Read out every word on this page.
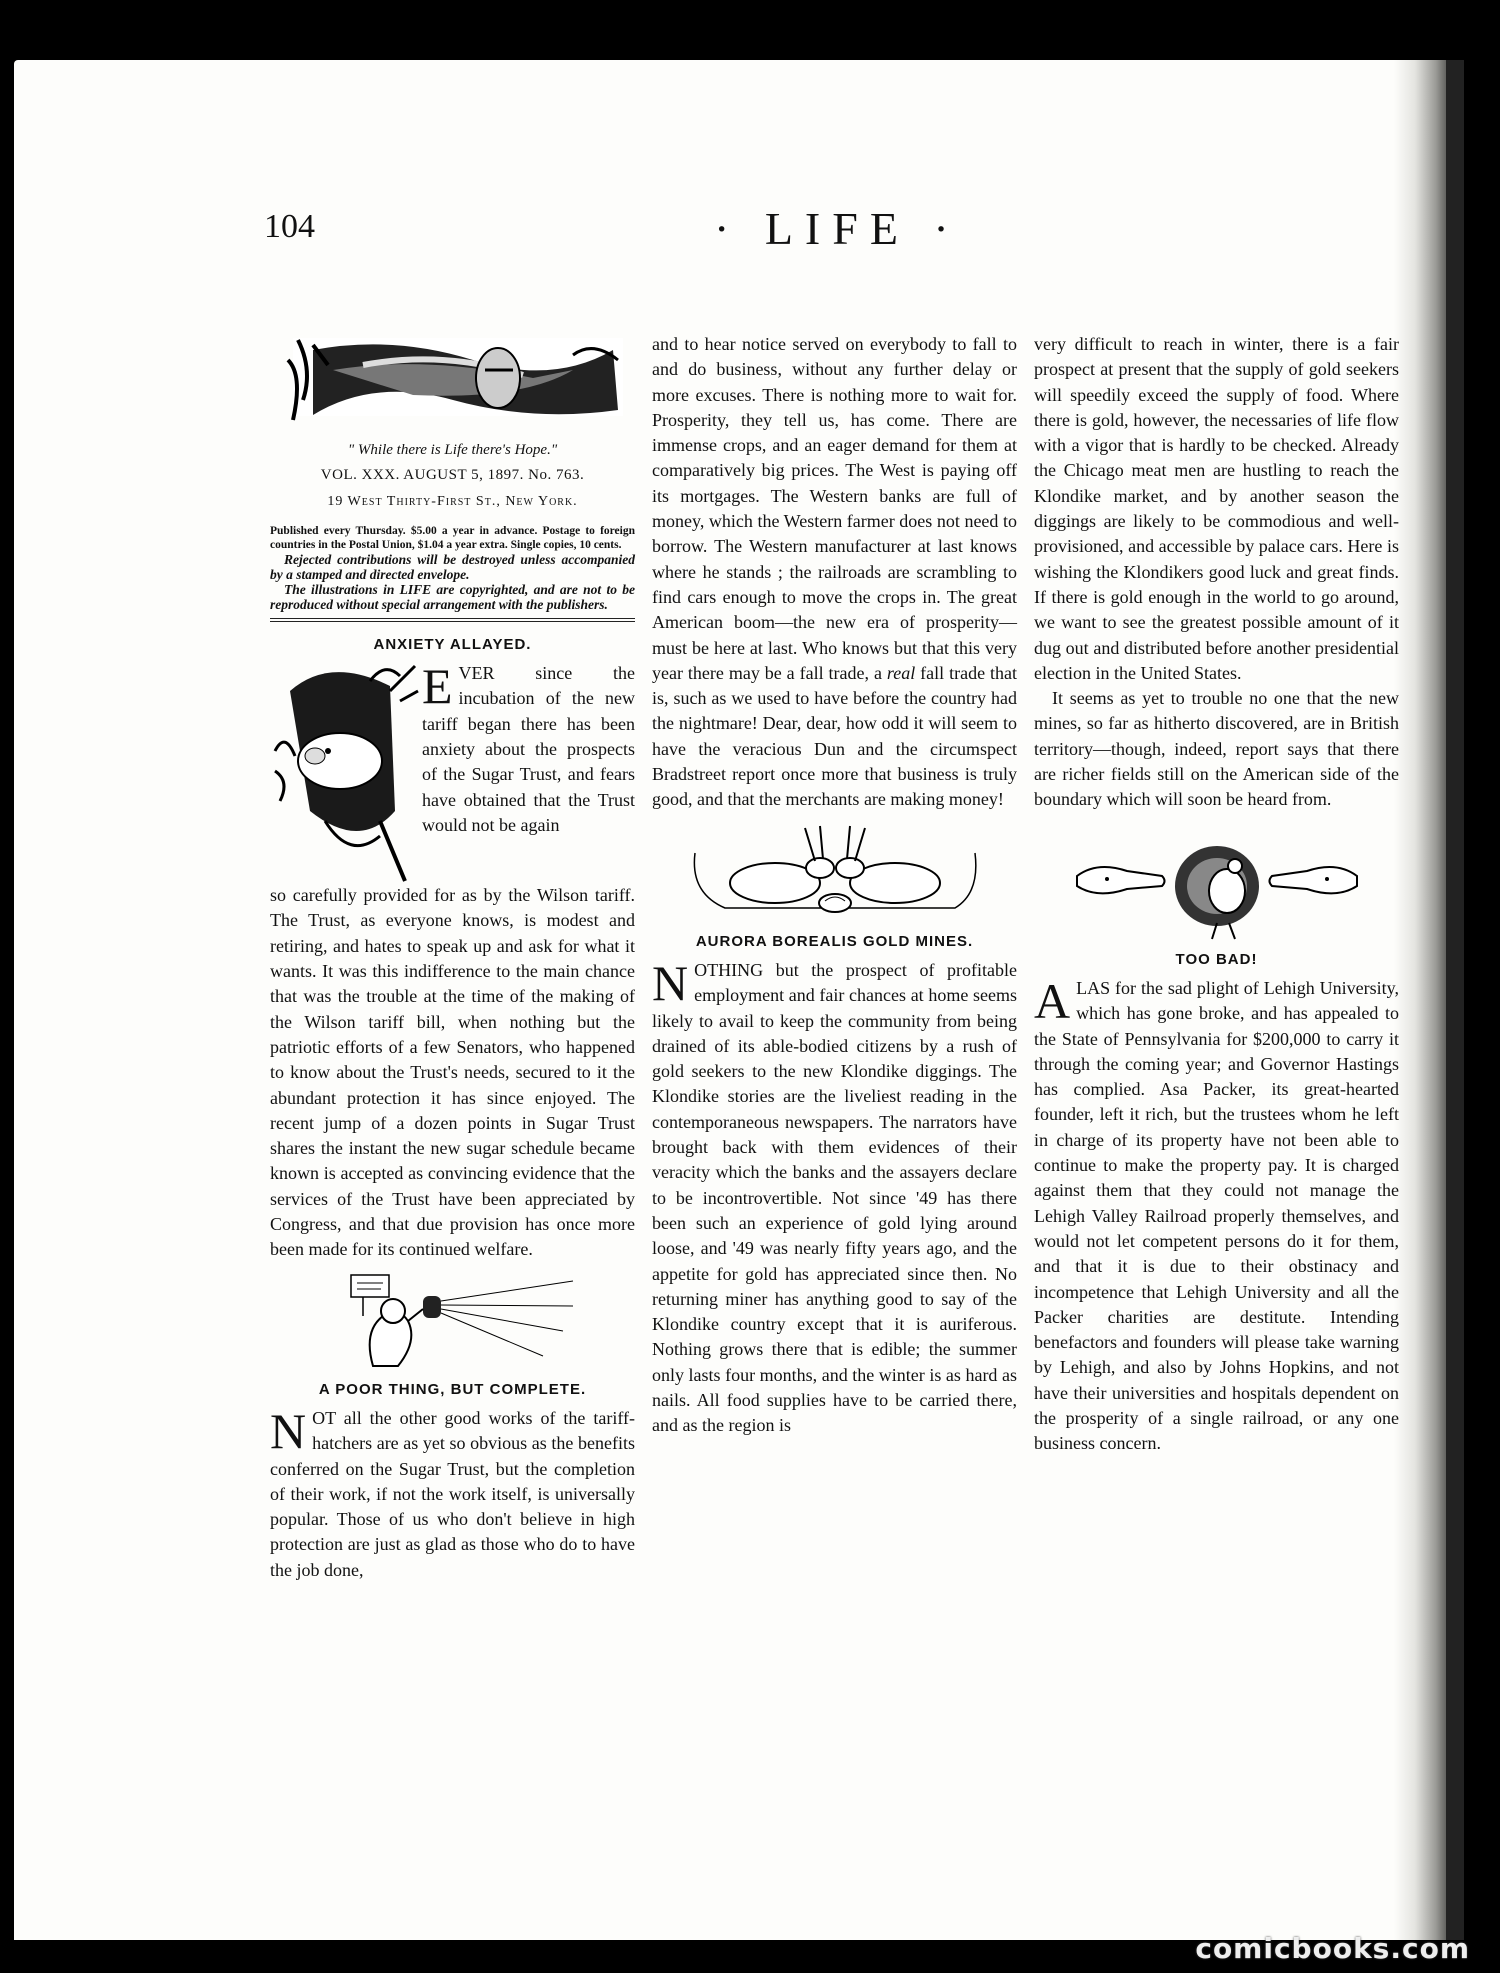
104	· LIFE ·
" While there is Life there's Hope."
VOL. XXX. AUGUST 5, 1897. No. 763.
19 West Thirty-First St., New York.
Published every Thursday. $5.00 a year in advance. Postage to foreign countries in the Postal Union, $1.04 a year extra. Single copies, 10 cents.
Rejected contributions will be destroyed unless accompanied by a stamped and directed envelope.
The illustrations in LIFE are copyrighted, and are not to be reproduced without special arrangement with the publishers.
ANXIETY ALLAYED.
E VER since the incubation of the new tariff began there has been anxiety about the prospects of the Sugar Trust, and fears have obtained that the Trust would not be again

so carefully provided for as by the Wilson tariff. The Trust, as everyone knows, is modest and retiring, and hates to speak up and ask for what it wants. It was this indifference to the main chance that was the trouble at the time of the making of the Wilson tariff bill, when nothing but the patriotic efforts of a few Senators, who happened to know about the Trust's needs, secured to it the abundant protection it has since enjoyed. The recent jump of a dozen points in Sugar Trust shares the instant the new sugar schedule became known is accepted as convincing evidence that the services of the Trust have been appreciated by Congress, and that due provision has once more been made for its continued welfare.

A POOR THING, BUT COMPLETE.
N OT all the other good works of the tariff-hatchers are as yet so obvious as the benefits conferred on the Sugar Trust, but the completion of their work, if not the work itself, is universally popular. Those of us who don't believe in high protection are just as glad as those who do to have the job done,

and to hear notice served on everybody to fall to and do business, without any further delay or more excuses. There is nothing more to wait for. Prosperity, they tell us, has come. There are immense crops, and an eager demand for them at comparatively big prices. The West is paying off its mortgages. The Western banks are full of money, which the Western farmer does not need to borrow. The Western manufacturer at last knows where he stands ; the railroads are scrambling to find cars enough to move the crops in. The great American boom—the new era of prosperity—must be here at last. Who knows but that this very year there may be a fall trade, a real fall trade that is, such as we used to have before the country had the nightmare! Dear, dear, how odd it will seem to have the veracious Dun and the circumspect Bradstreet report once more that business is truly good, and that the merchants are making money!

AURORA BOREALIS GOLD MINES.
N OTHING but the prospect of profitable employment and fair chances at home seems likely to avail to keep the community from being drained of its able-bodied citizens by a rush of gold seekers to the new Klondike diggings. The Klondike stories are the liveliest reading in the contemporaneous newspapers. The narrators have brought back with them evidences of their veracity which the banks and the assayers declare to be incontrovertible. Not since '49 has there been such an experience of gold lying around loose, and '49 was nearly fifty years ago, and the appetite for gold has appreciated since then. No returning miner has anything good to say of the Klondike country except that it is auriferous. Nothing grows there that is edible; the summer only lasts four months, and the winter is as hard as nails. All food supplies have to be carried there, and as the region is

very difficult to reach in winter, there is a fair prospect at present that the supply of gold seekers will speedily exceed the supply of food. Where there is gold, however, the necessaries of life flow with a vigor that is hardly to be checked. Already the Chicago meat men are hustling to reach the Klondike market, and by another season the diggings are likely to be commodious and well-provisioned, and accessible by palace cars. Here is wishing the Klondikers good luck and great finds. If there is gold enough in the world to go around, we want to see the greatest possible amount of it dug out and distributed before another presidential election in the United States.

It seems as yet to trouble no one that the new mines, so far as hitherto discovered, are in British territory—though, indeed, report says that there are richer fields still on the American side of the boundary which will soon be heard from.

TOO BAD!
A LAS for the sad plight of Lehigh University, which has gone broke, and has appealed to the State of Pennsylvania for $200,000 to carry it through the coming year; and Governor Hastings has complied. Asa Packer, its great-hearted founder, left it rich, but the trustees whom he left in charge of its property have not been able to continue to make the property pay. It is charged against them that they could not manage the Lehigh Valley Railroad properly themselves, and would not let competent persons do it for them, and that it is due to their obstinacy and incompetence that Lehigh University and all the Packer charities are destitute. Intending benefactors and founders will please take warning by Lehigh, and also by Johns Hopkins, and not have their universities and hospitals dependent on the prosperity of a single railroad, or any one business concern.

comicbooks.com
